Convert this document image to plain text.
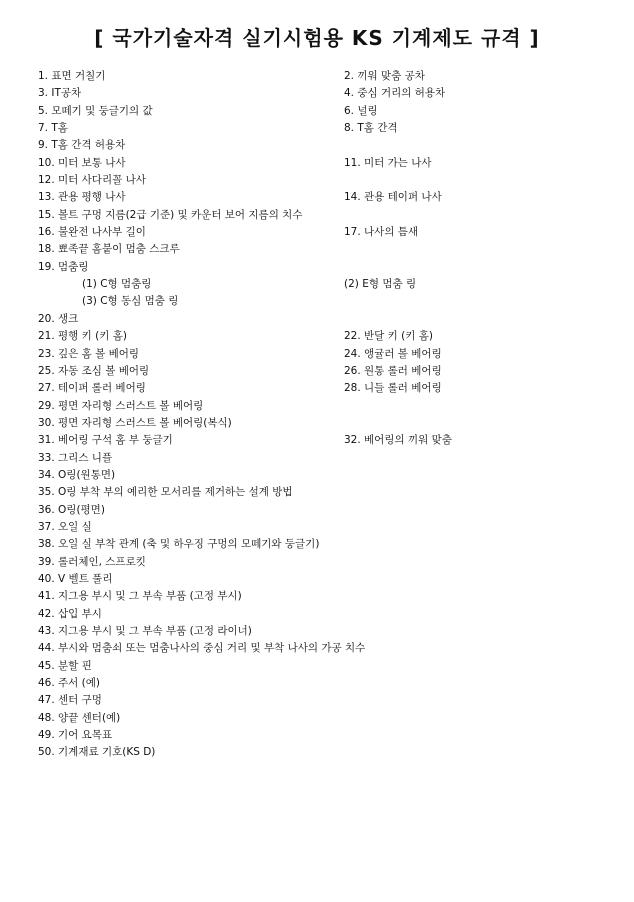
[ 국가기술자격 실기시험용 KS 기계제도 규격 ]
1. 표면 거칠기	2. 끼워 맞춤 공차
3. IT공차	4. 중심 거리의 허용차
5. 모떼기 및 둥글기의 값	6. 널링
7. T홈	8. T홈 간격
9. T홈 간격 허용차
10. 미터 보통 나사	11. 미터 가는 나사
12. 미터 사다리꼴 나사
13. 관용 평행 나사	14. 관용 테이퍼 나사
15. 볼트 구멍 지름(2급 기준) 및 카운터 보어 지름의 치수
16. 불완전 나사부 길이	17. 나사의 틈새
18. 뾰족끝 홈붙이 멈춤 스크루
19. 멈춤링
(1) C형 멈춤링	(2) E형 멈춤 링
(3) C형 동심 멈춤 링
20. 생크
21. 평행 키 (키 홈)	22. 반달 키 (키 홈)
23. 깊은 홈 볼 베어링	24. 앵귤러 볼 베어링
25. 자동 조심 볼 베어링	26. 원통 롤러 베어링
27. 테이퍼 롤러 베어링	28. 니들 롤러 베어링
29. 평면 자리형 스러스트 볼 베어링
30. 평면 자리형 스러스트 볼 베어링(복식)
31. 베어링 구석 홈 부 둥글기	32. 베어링의 끼워 맞춤
33. 그리스 니플
34. O링(원통면)
35. O링 부착 부의 예리한 모서리를 제거하는 설계 방법
36. O링(평면)
37. 오일 실
38. 오일 실 부착 관계 (축 및 하우징 구멍의 모떼기와 둥글기)
39. 롤러체인, 스프로킷
40. V 벨트 풀리
41. 지그용 부시 및 그 부속 부품 (고정 부시)
42. 삽입 부시
43. 지그용 부시 및 그 부속 부품 (고정 라이너)
44. 부시와 멈춤쇠 또는 멈춤나사의 중심 거리 및 부착 나사의 가공 치수
45. 분할 핀
46. 주서 (예)
47. 센터 구멍
48. 양끝 센터(예)
49. 기어 요목표
50. 기계재료 기호(KS D)
